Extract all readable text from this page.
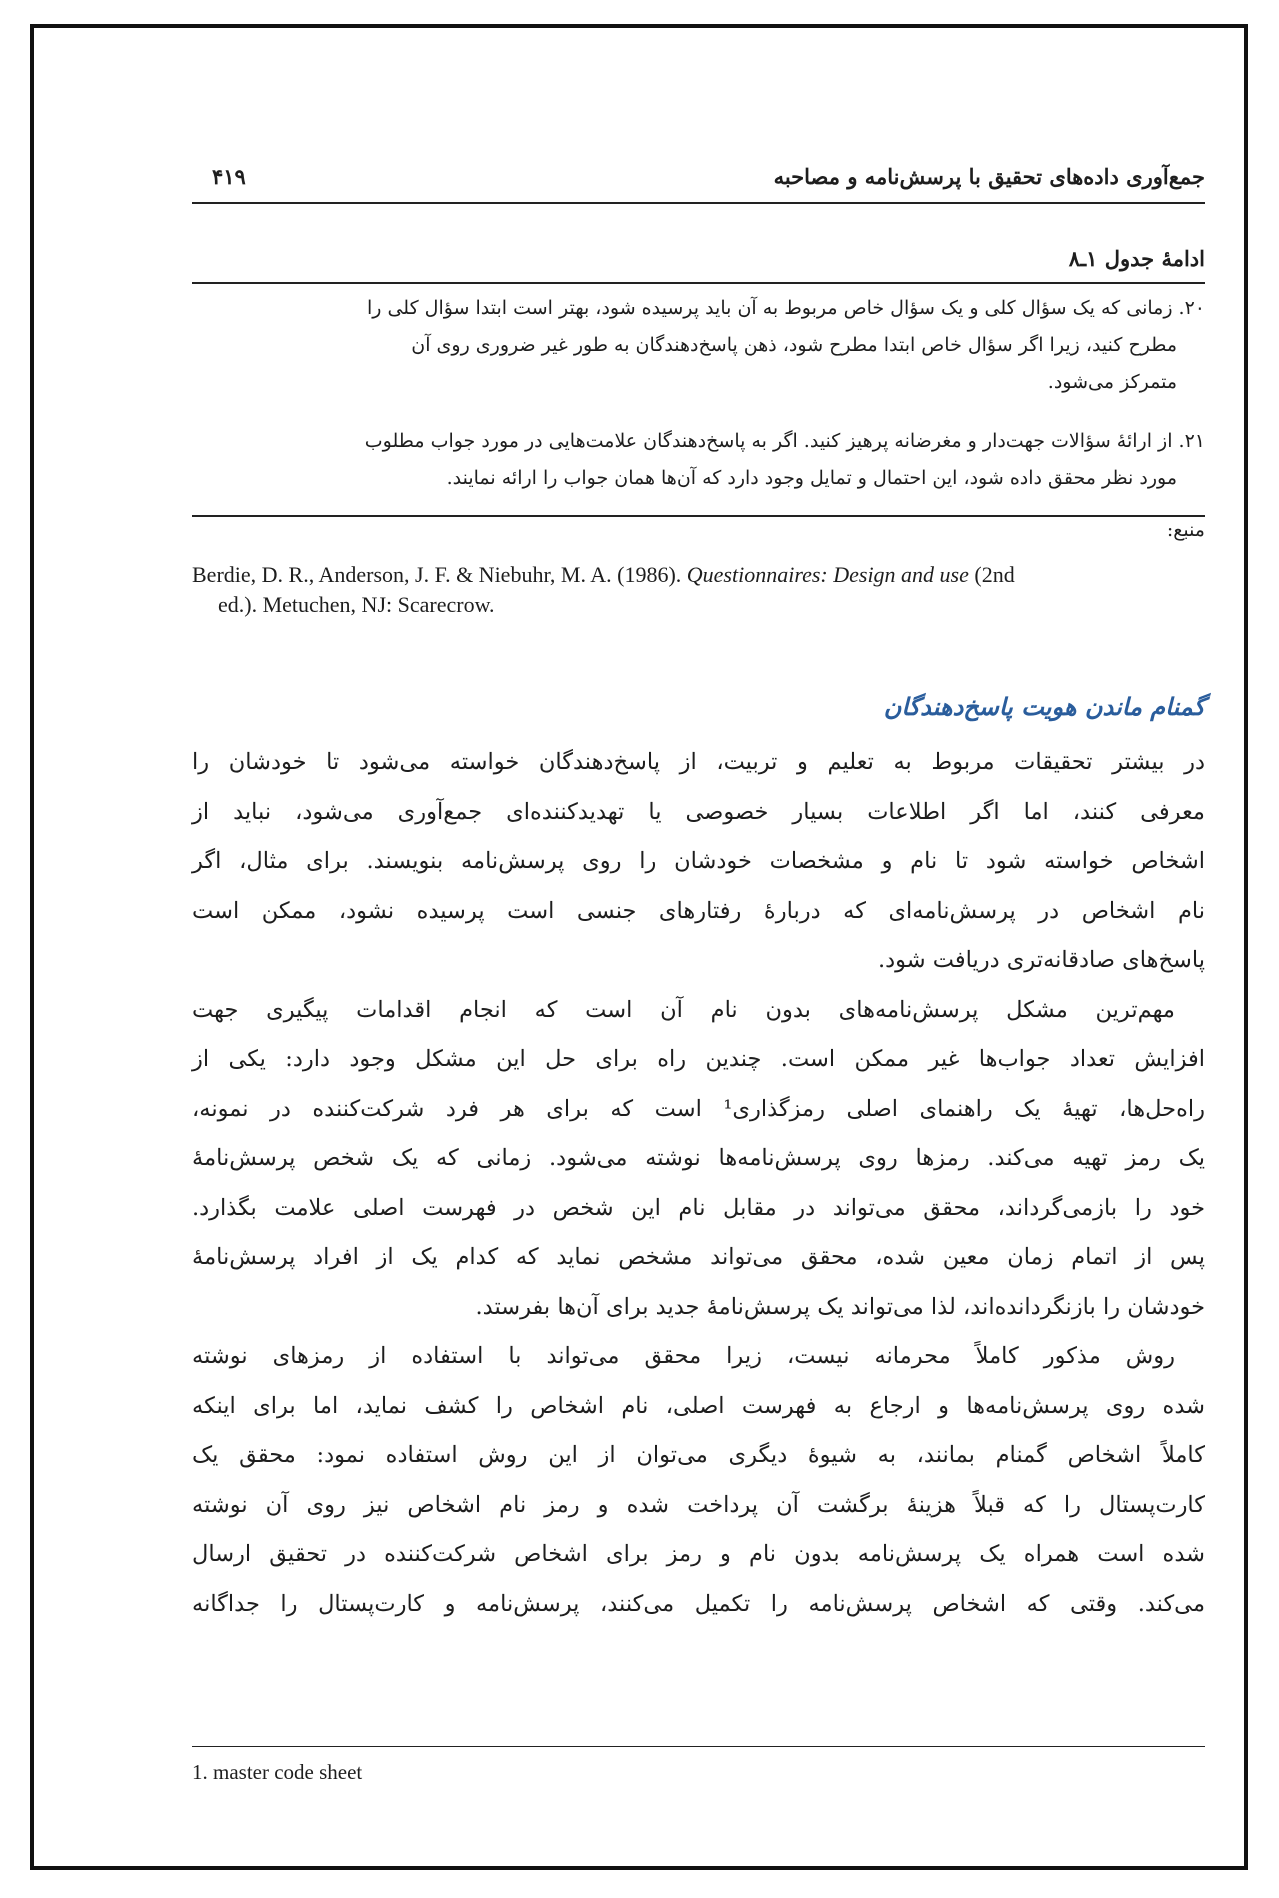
جمع‌آوری داده‌های تحقیق با پرسش‌نامه و مصاحبه
۴۱۹
ادامهٔ جدول ۱ـ۸
۲۰. زمانی که یک سؤال کلی و یک سؤال خاص مربوط به آن باید پرسیده شود، بهتر است ابتدا سؤال کلی را
مطرح کنید، زیرا اگر سؤال خاص ابتدا مطرح شود، ذهن پاسخ‌دهندگان به طور غیر ضروری روی آن
متمرکز می‌شود.
۲۱. از ارائهٔ سؤالات جهت‌دار و مغرضانه پرهیز کنید. اگر به پاسخ‌دهندگان علامت‌هایی در مورد جواب مطلوب
مورد نظر محقق داده شود، این احتمال و تمایل وجود دارد که آن‌ها همان جواب را ارائه نمایند.
منبع:
Berdie, D. R., Anderson, J. F. & Niebuhr, M. A. (1986). Questionnaires: Design and use (2nd
ed.). Metuchen, NJ: Scarecrow.
گمنام ماندن هویت پاسخ‌دهندگان

در بیشتر تحقیقات مربوط به تعلیم و تربیت، از پاسخ‌دهندگان خواسته می‌شود تا خودشان را
معرفی کنند، اما اگر اطلاعات بسیار خصوصی یا تهدیدکننده‌ای جمع‌آوری می‌شود، نباید از
اشخاص خواسته شود تا نام و مشخصات خودشان را روی پرسش‌نامه بنویسند. برای مثال، اگر
نام اشخاص در پرسش‌نامه‌ای که دربارهٔ رفتارهای جنسی است پرسیده نشود، ممکن است
پاسخ‌های صادقانه‌تری دریافت شود.

مهم‌ترین مشکل پرسش‌نامه‌های بدون نام آن است که انجام اقدامات پیگیری جهت
افزایش تعداد جواب‌ها غیر ممکن است. چندین راه برای حل این مشکل وجود دارد: یکی از
راه‌حل‌ها، تهیهٔ یک راهنمای اصلی رمزگذاری¹ است که برای هر فرد شرکت‌کننده در نمونه،
یک رمز تهیه می‌کند. رمزها روی پرسش‌نامه‌ها نوشته می‌شود. زمانی که یک شخص پرسش‌نامهٔ
خود را بازمی‌گرداند، محقق می‌تواند در مقابل نام این شخص در فهرست اصلی علامت بگذارد.
پس از اتمام زمان معین شده، محقق می‌تواند مشخص نماید که کدام یک از افراد پرسش‌نامهٔ
خودشان را بازنگردانده‌اند، لذا می‌تواند یک پرسش‌نامهٔ جدید برای آن‌ها بفرستد.

روش مذکور کاملاً محرمانه نیست، زیرا محقق می‌تواند با استفاده از رمزهای نوشته
شده روی پرسش‌نامه‌ها و ارجاع به فهرست اصلی، نام اشخاص را کشف نماید، اما برای اینکه
کاملاً اشخاص گمنام بمانند، به شیوهٔ دیگری می‌توان از این روش استفاده نمود: محقق یک
کارت‌پستال را که قبلاً هزینهٔ برگشت آن پرداخت شده و رمز نام اشخاص نیز روی آن نوشته
شده است همراه یک پرسش‌نامه بدون نام و رمز برای اشخاص شرکت‌کننده در تحقیق ارسال
می‌کند. وقتی که اشخاص پرسش‌نامه را تکمیل می‌کنند، پرسش‌نامه و کارت‌پستال را جداگانه

1. master code sheet
